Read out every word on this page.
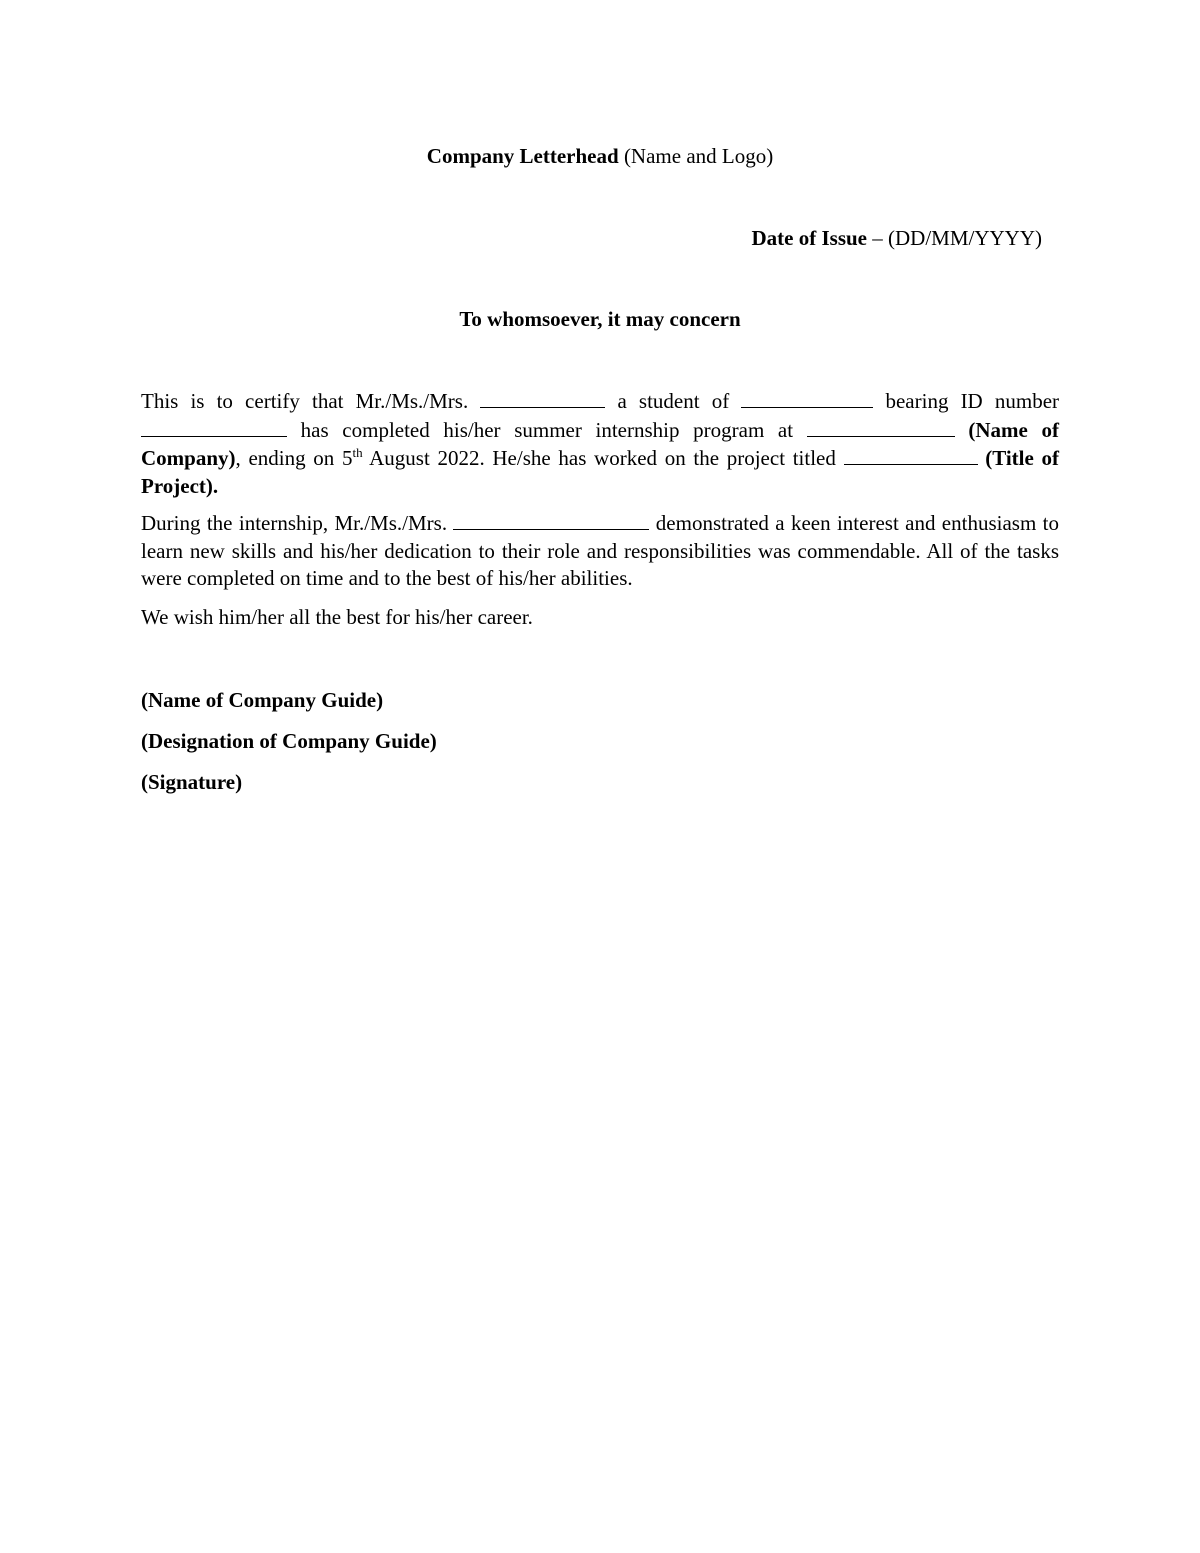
Company Letterhead (Name and Logo)
Date of Issue – (DD/MM/YYYY)
To whomsoever, it may concern
This is to certify that Mr./Ms./Mrs.	a student of	bearing ID number  has completed his/her summer internship program at	(Name of Company), ending on 5th August 2022. He/she has worked on the project titled	(Title of Project).
During the internship, Mr./Ms./Mrs.	demonstrated a keen interest and enthusiasm to learn new skills and his/her dedication to their role and responsibilities was commendable. All of the tasks were completed on time and to the best of his/her abilities.
We wish him/her all the best for his/her career.
(Name of Company Guide)
(Designation of Company Guide)
(Signature)
